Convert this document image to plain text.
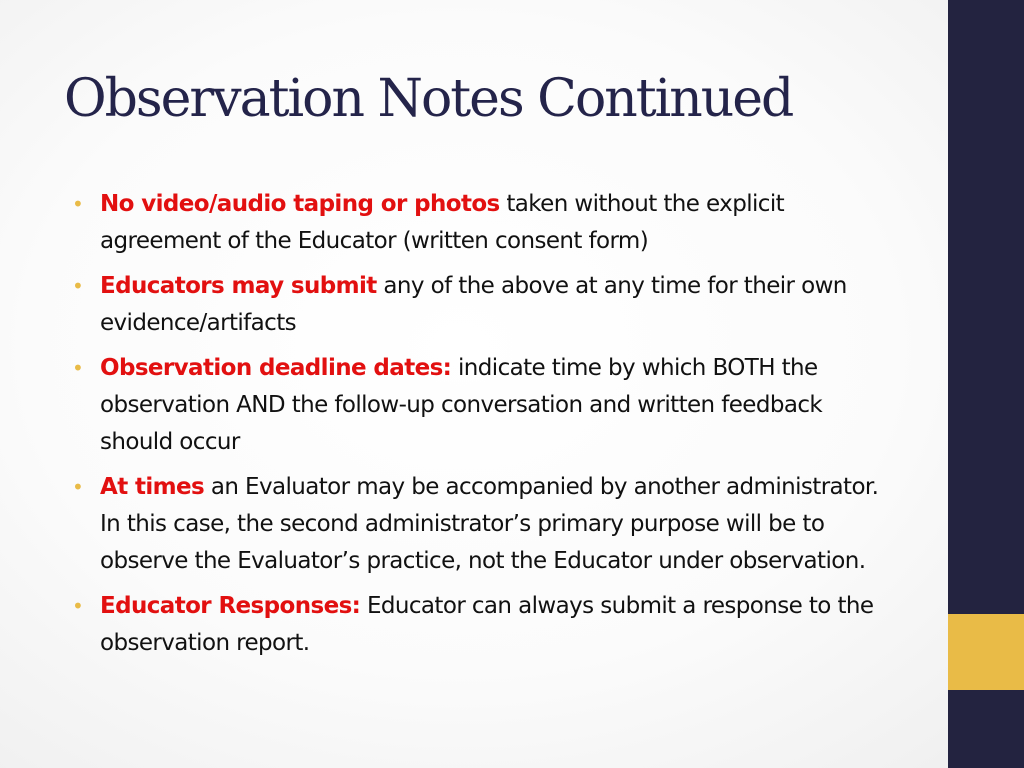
Observation Notes Continued
• No video/audio taping or photos taken without the explicit agreement of the Educator (written consent form)
• Educators may submit any of the above at any time for their own evidence/artifacts
• Observation deadline dates: indicate time by which BOTH the observation AND the follow-up conversation and written feedback should occur
• At times an Evaluator may be accompanied by another administrator. In this case, the second administrator’s primary purpose will be to observe the Evaluator’s practice, not the Educator under observation.
• Educator Responses: Educator can always submit a response to the observation report.
